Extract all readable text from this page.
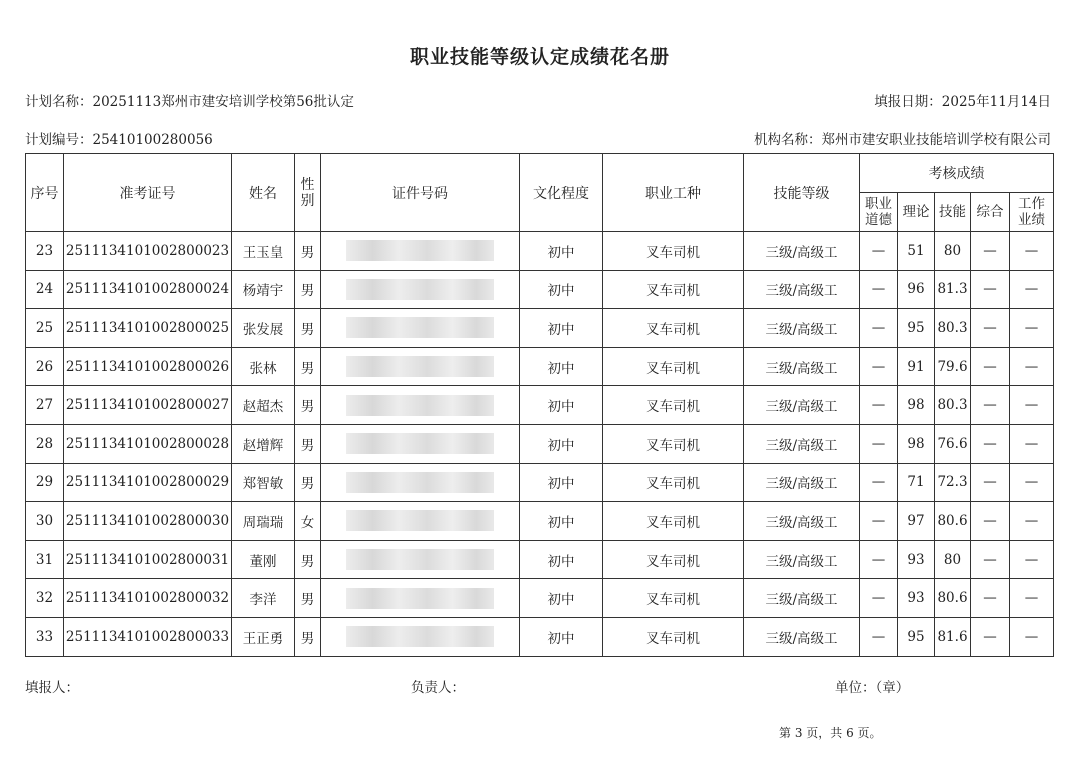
职业技能等级认定成绩花名册
计划名称：20251113郑州市建安培训学校第56批认定	填报日期：2025年11月14日
计划编号：25410100280056	机构名称：郑州市建安职业技能培训学校有限公司
序号	准考证号	姓名	性别	证件号码	文化程度	职业工种	技能等级	考核成绩				
								职业道德	理论	技能	综合	工作业绩
23	2511134101002800023	王玉皇	男		初中	叉车司机	三级/高级工	—	51	80	—	—
24	2511134101002800024	杨靖宇	男		初中	叉车司机	三级/高级工	—	96	81.3	—	—
25	2511134101002800025	张发展	男		初中	叉车司机	三级/高级工	—	95	80.3	—	—
26	2511134101002800026	张林	男		初中	叉车司机	三级/高级工	—	91	79.6	—	—
27	2511134101002800027	赵超杰	男		初中	叉车司机	三级/高级工	—	98	80.3	—	—
28	2511134101002800028	赵增辉	男		初中	叉车司机	三级/高级工	—	98	76.6	—	—
29	2511134101002800029	郑智敏	男		初中	叉车司机	三级/高级工	—	71	72.3	—	—
30	2511134101002800030	周瑞瑞	女		初中	叉车司机	三级/高级工	—	97	80.6	—	—
31	2511134101002800031	董刚	男		初中	叉车司机	三级/高级工	—	93	80	—	—
32	2511134101002800032	李洋	男		初中	叉车司机	三级/高级工	—	93	80.6	—	—
33	2511134101002800033	王正勇	男		初中	叉车司机	三级/高级工	—	95	81.6	—	—
填报人：	负责人：	单位：（章）
第 3 页，共 6 页。
